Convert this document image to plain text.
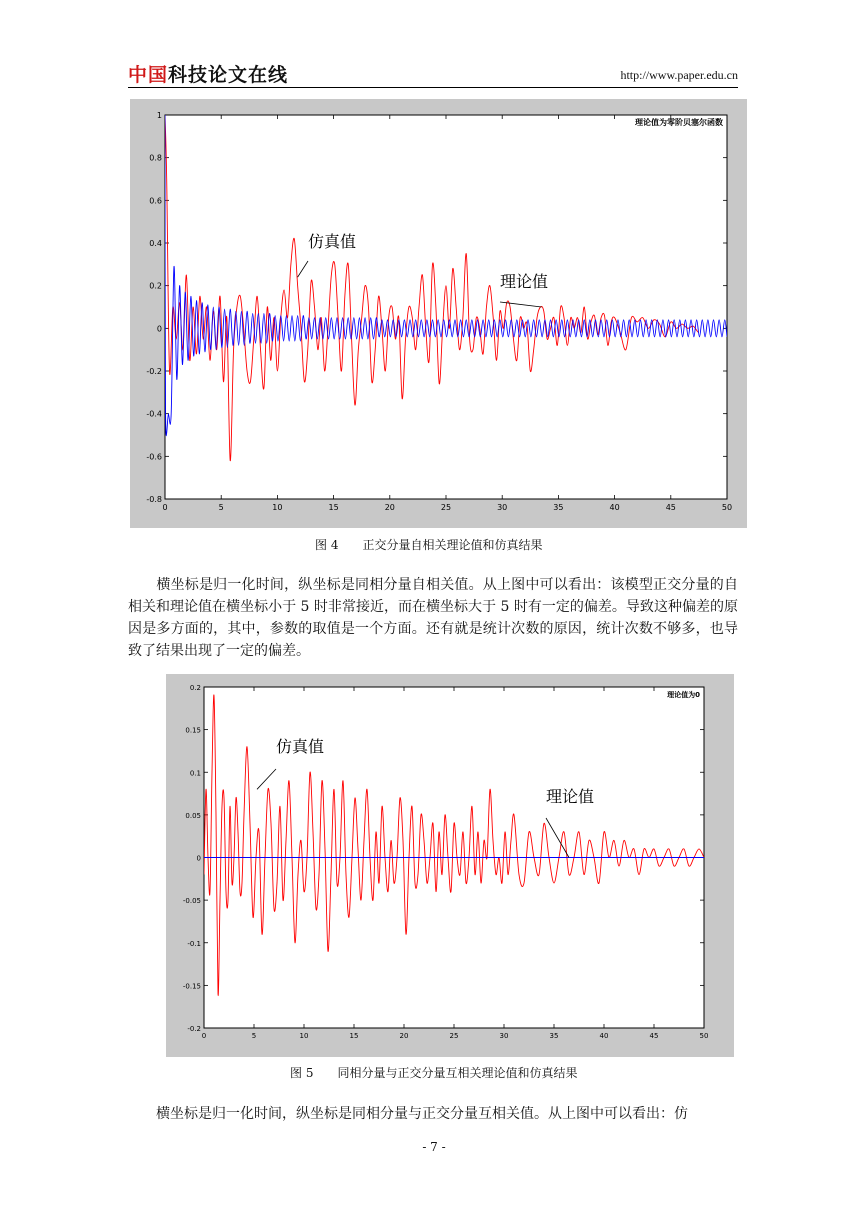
中国科技论文在线	http://www.paper.edu.cn
1
0.8
0.6
0.4
0.2
0
-0.2
-0.4
-0.6
-0.8
0	5	10	15	20	25	30	35	40	45	50
理论值为零阶贝塞尔函数
仿真值
理论值
图 4　　正交分量自相关理论值和仿真结果
　　横坐标是归一化时间，纵坐标是同相分量自相关值。从上图中可以看出：该模型正交分量的自相关和理论值在横坐标小于 5 时非常接近，而在横坐标大于 5 时有一定的偏差。导致这种偏差的原因是多方面的，其中，参数的取值是一个方面。还有就是统计次数的原因，统计次数不够多，也导致了结果出现了一定的偏差。
0.2
0.15
0.1
0.05
0
-0.05
-0.1
-0.15
-0.2
0	5	10	15	20	25	30	35	40	45	50
理论值为0
仿真值
理论值
图 5　　同相分量与正交分量互相关理论值和仿真结果
　　横坐标是归一化时间，纵坐标是同相分量与正交分量互相关值。从上图中可以看出：仿
- 7 -
